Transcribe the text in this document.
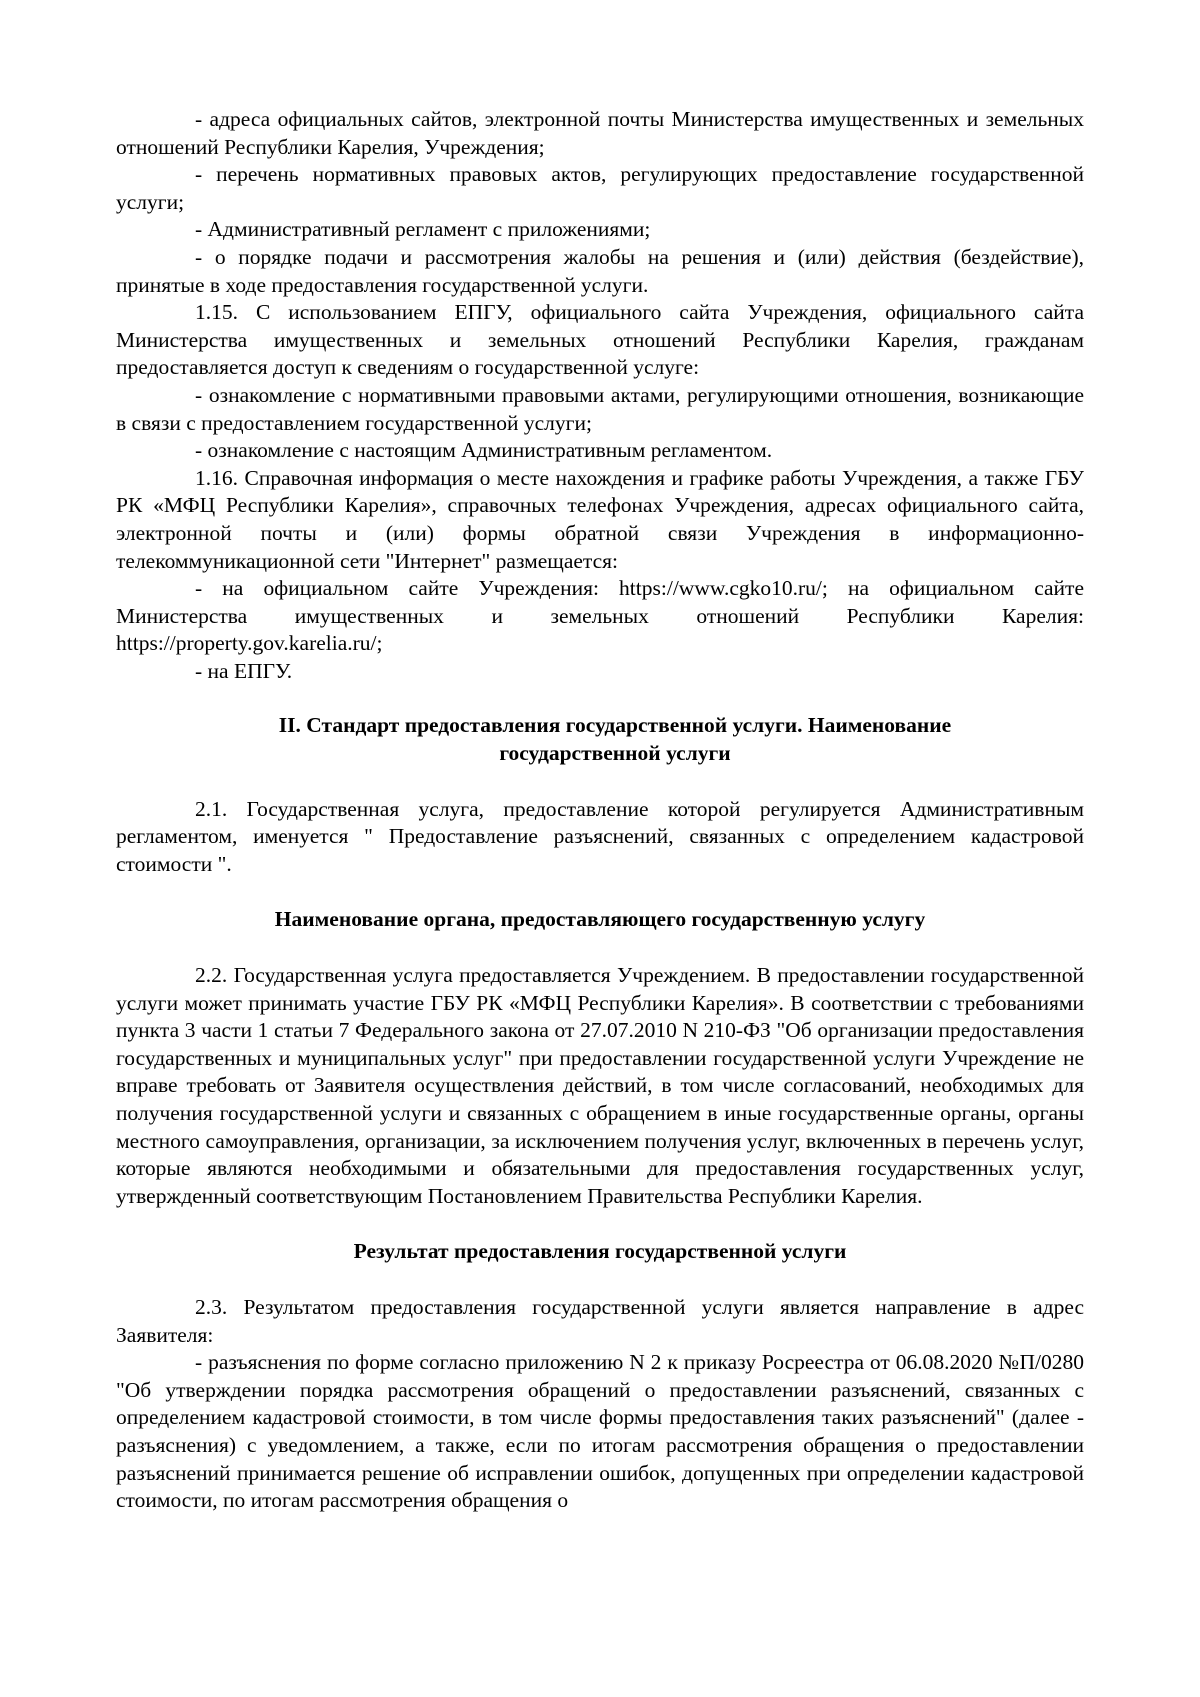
- адреса официальных сайтов, электронной почты Министерства имущественных и земельных отношений Республики Карелия, Учреждения;

- перечень нормативных правовых актов, регулирующих предоставление государственной услуги;

- Административный регламент с приложениями;

- о порядке подачи и рассмотрения жалобы на решения и (или) действия (бездействие), принятые в ходе предоставления государственной услуги.

1.15. С использованием ЕПГУ, официального сайта Учреждения, официального сайта Министерства имущественных и земельных отношений Республики Карелия, гражданам предоставляется доступ к сведениям о государственной услуге:

- ознакомление с нормативными правовыми актами, регулирующими отношения, возникающие в связи с предоставлением государственной услуги;

- ознакомление с настоящим Административным регламентом.

1.16. Справочная информация о месте нахождения и графике работы Учреждения, а также ГБУ РК «МФЦ Республики Карелия», справочных телефонах Учреждения, адресах официального сайта, электронной почты и (или) формы обратной связи Учреждения в информационно-телекоммуникационной сети "Интернет" размещается:

- на официальном сайте Учреждения: https://www.cgko10.ru/; на официальном сайте Министерства имущественных и земельных отношений Республики Карелия: https://property.gov.karelia.ru/;

- на ЕПГУ.

II. Стандарт предоставления государственной услуги. Наименование
государственной услуги

2.1. Государственная услуга, предоставление которой регулируется Административным регламентом, именуется " Предоставление разъяснений, связанных с определением кадастровой стоимости ".

Наименование органа, предоставляющего государственную услугу

2.2. Государственная услуга предоставляется Учреждением. В предоставлении государственной услуги может принимать участие ГБУ РК «МФЦ Республики Карелия». В соответствии с требованиями пункта 3 части 1 статьи 7 Федерального закона от 27.07.2010 N 210-ФЗ "Об организации предоставления государственных и муниципальных услуг" при предоставлении государственной услуги Учреждение не вправе требовать от Заявителя осуществления действий, в том числе согласований, необходимых для получения государственной услуги и связанных с обращением в иные государственные органы, органы местного самоуправления, организации, за исключением получения услуг, включенных в перечень услуг, которые являются необходимыми и обязательными для предоставления государственных услуг, утвержденный соответствующим Постановлением Правительства Республики Карелия.

Результат предоставления государственной услуги

2.3. Результатом предоставления государственной услуги является направление в адрес Заявителя:

- разъяснения по форме согласно приложению N 2 к приказу Росреестра от 06.08.2020 №П/0280 "Об утверждении порядка рассмотрения обращений о предоставлении разъяснений, связанных с определением кадастровой стоимости, в том числе формы предоставления таких разъяснений" (далее - разъяснения) с уведомлением, а также, если по итогам рассмотрения обращения о предоставлении разъяснений принимается решение об исправлении ошибок, допущенных при определении кадастровой стоимости, по итогам рассмотрения обращения о
